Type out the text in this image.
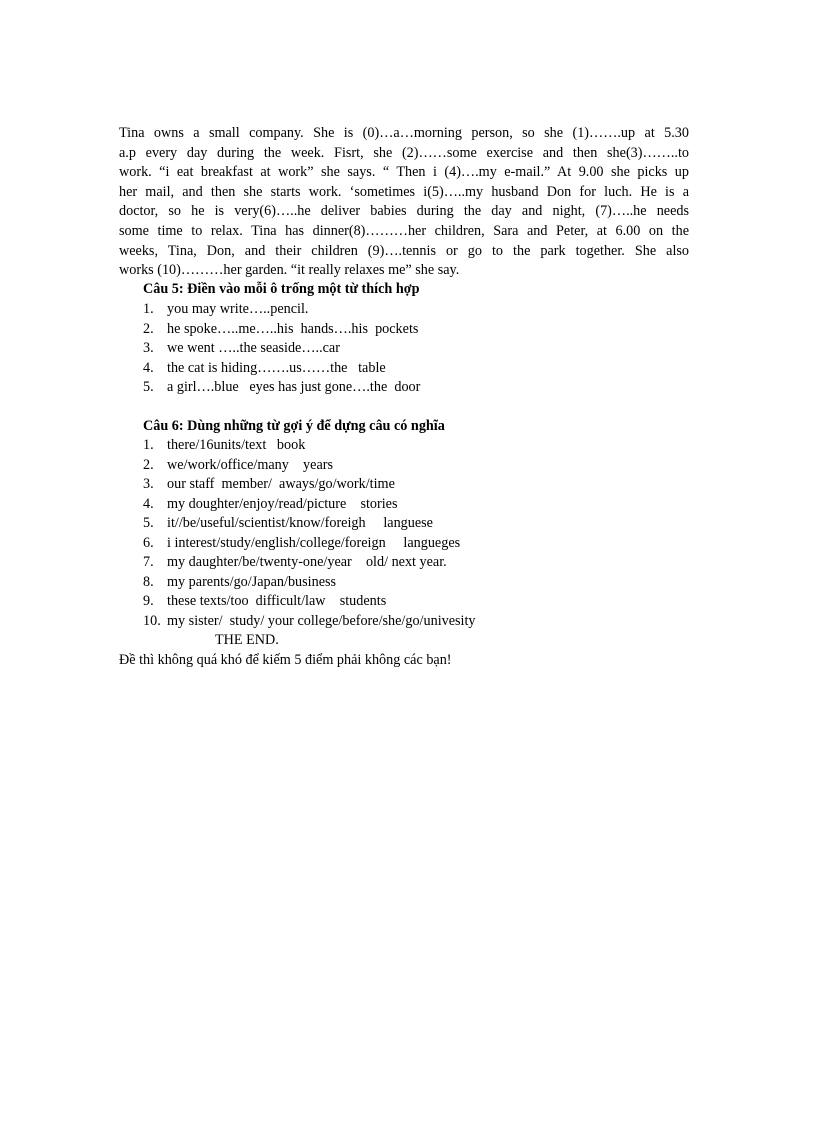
Tina owns a small company. She is (0)…a…morning person, so she (1)…….up at 5.30
a.p every day during the week. Fisrt, she (2)……some exercise and then she(3)……..to
work. “i eat breakfast at work” she says. “ Then i (4)….my e-mail.” At 9.00 she picks up
her mail, and then she starts work. ‘sometimes i(5)…..my husband Don for luch. He is a
doctor, so he is very(6)…..he deliver babies during the day and night, (7)…..he needs
some time to relax. Tina has dinner(8)………her children, Sara and Peter, at 6.00 on the
weeks, Tina, Don, and their children (9)….tennis or go to the park together. She also
works (10)………her garden. “it really relaxes me” she say.
Câu 5: Điền vào mỗi ô trống một từ thích hợp
1. you may write…..pencil.
2. he spoke…..me…..his  hands….his  pockets
3. we went …..the seaside…..car
4. the cat is hiding…….us……the   table
5. a girl….blue   eyes has just gone….the  door
Câu 6: Dùng những từ gợi ý để dựng câu có nghĩa
1. there/16units/text   book
2. we/work/office/many    years
3. our staff  member/  aways/go/work/time
4. my doughter/enjoy/read/picture    stories
5. it//be/useful/scientist/know/foreigh     languese
6. i interest/study/english/college/foreign     langueges
7. my daughter/be/twenty-one/year    old/ next year.
8. my parents/go/Japan/business
9. these texts/too  difficult/law    students
10. my sister/  study/ your college/before/she/go/univesity
THE END.
Đề thì không quá khó để kiếm 5 điểm phải không các bạn!
